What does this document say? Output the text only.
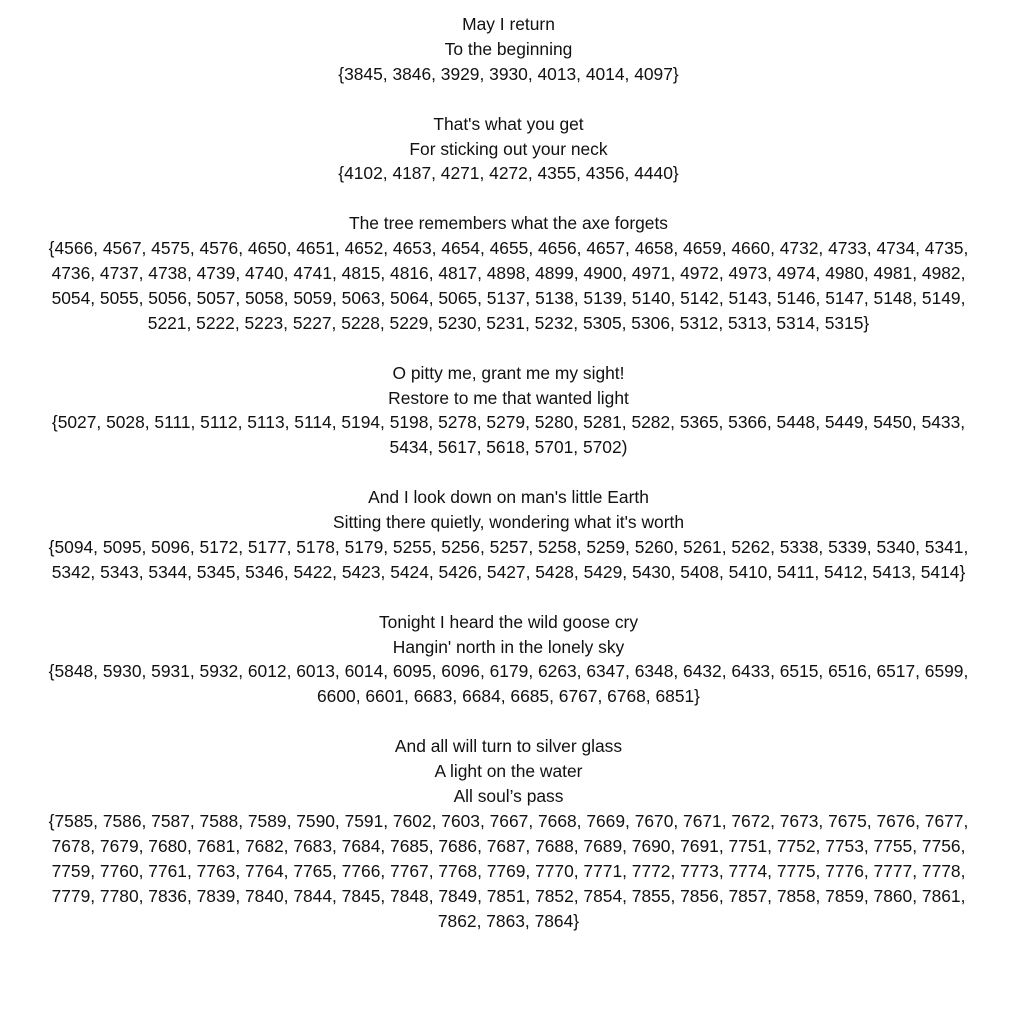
May I return
To the beginning
{3845, 3846, 3929, 3930, 4013, 4014, 4097}
That's what you get
For sticking out your neck
{4102, 4187, 4271, 4272, 4355, 4356, 4440}
The tree remembers what the axe forgets
{4566, 4567, 4575, 4576, 4650, 4651, 4652, 4653, 4654, 4655, 4656, 4657, 4658, 4659, 4660, 4732, 4733, 4734, 4735, 4736, 4737, 4738, 4739, 4740, 4741, 4815, 4816, 4817, 4898, 4899, 4900, 4971, 4972, 4973, 4974, 4980, 4981, 4982, 5054, 5055, 5056, 5057, 5058, 5059, 5063, 5064, 5065, 5137, 5138, 5139, 5140, 5142, 5143, 5146, 5147, 5148, 5149, 5221, 5222, 5223, 5227, 5228, 5229, 5230, 5231, 5232, 5305, 5306, 5312, 5313, 5314, 5315}
O pitty me, grant me my sight!
Restore to me that wanted light
{5027, 5028, 5111, 5112, 5113, 5114, 5194, 5198, 5278, 5279, 5280, 5281, 5282, 5365, 5366, 5448, 5449, 5450, 5433, 5434, 5617, 5618, 5701, 5702)
And I look down on man's little Earth
Sitting there quietly, wondering what it's worth
{5094, 5095, 5096, 5172, 5177, 5178, 5179, 5255, 5256, 5257, 5258, 5259, 5260, 5261, 5262, 5338, 5339, 5340, 5341, 5342, 5343, 5344, 5345, 5346, 5422, 5423, 5424, 5426, 5427, 5428, 5429, 5430, 5408, 5410, 5411, 5412, 5413, 5414}
Tonight I heard the wild goose cry
Hangin' north in the lonely sky
{5848, 5930, 5931, 5932, 6012, 6013, 6014, 6095, 6096, 6179, 6263, 6347, 6348, 6432, 6433, 6515, 6516, 6517, 6599, 6600, 6601, 6683, 6684, 6685, 6767, 6768, 6851}
And all will turn to silver glass
A light on the water
All soul’s pass
{7585, 7586, 7587, 7588, 7589, 7590, 7591, 7602, 7603, 7667, 7668, 7669, 7670, 7671, 7672, 7673, 7675, 7676, 7677, 7678, 7679, 7680, 7681, 7682, 7683, 7684, 7685, 7686, 7687, 7688, 7689, 7690, 7691, 7751, 7752, 7753, 7755, 7756, 7759, 7760, 7761, 7763, 7764, 7765, 7766, 7767, 7768, 7769, 7770, 7771, 7772, 7773, 7774, 7775, 7776, 7777, 7778, 7779, 7780, 7836, 7839, 7840, 7844, 7845, 7848, 7849, 7851, 7852, 7854, 7855, 7856, 7857, 7858, 7859, 7860, 7861, 7862, 7863, 7864}
